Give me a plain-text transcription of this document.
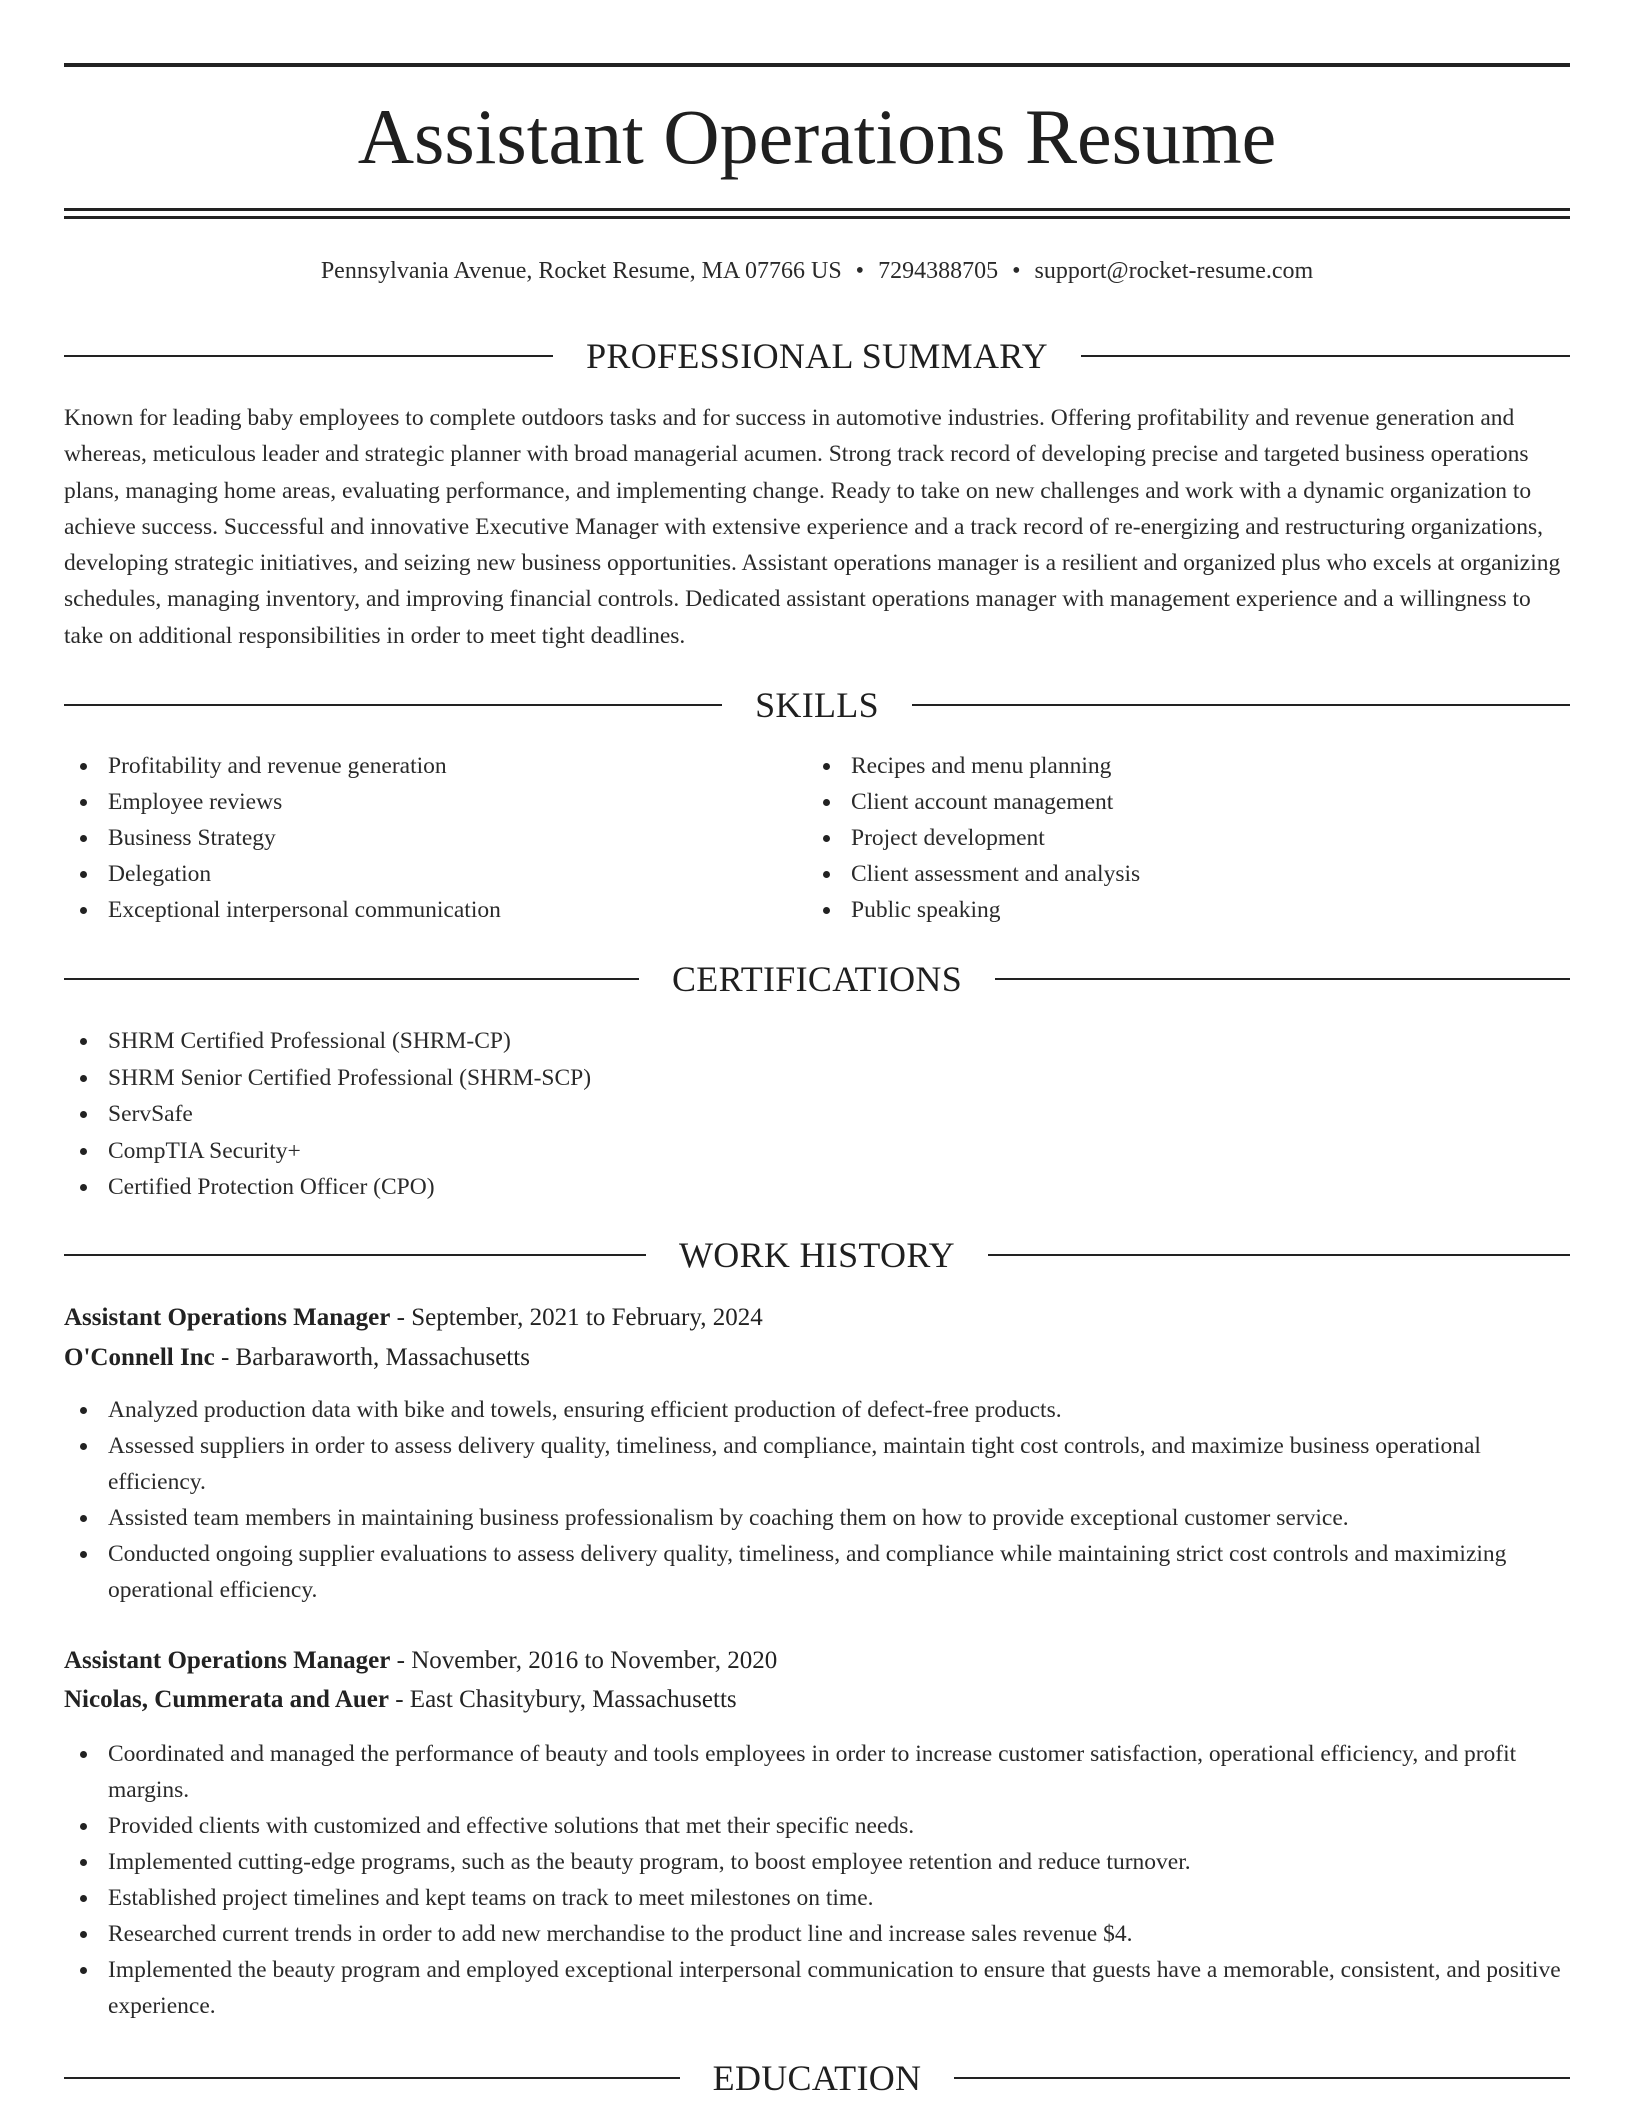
Assistant Operations Resume
Pennsylvania Avenue, Rocket Resume, MA 07766 US • 7294388705 • support@rocket-resume.com
PROFESSIONAL SUMMARY

Known for leading baby employees to complete outdoors tasks and for success in automotive industries. Offering profitability and revenue generation and whereas, meticulous leader and strategic planner with broad managerial acumen. Strong track record of developing precise and targeted business operations plans, managing home areas, evaluating performance, and implementing change. Ready to take on new challenges and work with a dynamic organization to achieve success. Successful and innovative Executive Manager with extensive experience and a track record of re-energizing and restructuring organizations, developing strategic initiatives, and seizing new business opportunities. Assistant operations manager is a resilient and organized plus who excels at organizing schedules, managing inventory, and improving financial controls. Dedicated assistant operations manager with management experience and a willingness to take on additional responsibilities in order to meet tight deadlines.

SKILLS
Profitability and revenue generation
Employee reviews
Business Strategy
Delegation
Exceptional interpersonal communication
Recipes and menu planning
Client account management
Project development
Client assessment and analysis
Public speaking
CERTIFICATIONS
SHRM Certified Professional (SHRM-CP)
SHRM Senior Certified Professional (SHRM-SCP)
ServSafe
CompTIA Security+
Certified Protection Officer (CPO)
WORK HISTORY
Assistant Operations Manager - September, 2021 to February, 2024
O'Connell Inc - Barbaraworth, Massachusetts
Analyzed production data with bike and towels, ensuring efficient production of defect-free products.
Assessed suppliers in order to assess delivery quality, timeliness, and compliance, maintain tight cost controls, and maximize business operational efficiency.
Assisted team members in maintaining business professionalism by coaching them on how to provide exceptional customer service.
Conducted ongoing supplier evaluations to assess delivery quality, timeliness, and compliance while maintaining strict cost controls and maximizing operational efficiency.
Assistant Operations Manager - November, 2016 to November, 2020
Nicolas, Cummerata and Auer - East Chasitybury, Massachusetts
Coordinated and managed the performance of beauty and tools employees in order to increase customer satisfaction, operational efficiency, and profit margins.
Provided clients with customized and effective solutions that met their specific needs.
Implemented cutting-edge programs, such as the beauty program, to boost employee retention and reduce turnover.
Established project timelines and kept teams on track to meet milestones on time.
Researched current trends in order to add new merchandise to the product line and increase sales revenue $4.
Implemented the beauty program and employed exceptional interpersonal communication to ensure that guests have a memorable, consistent, and positive experience.
EDUCATION
